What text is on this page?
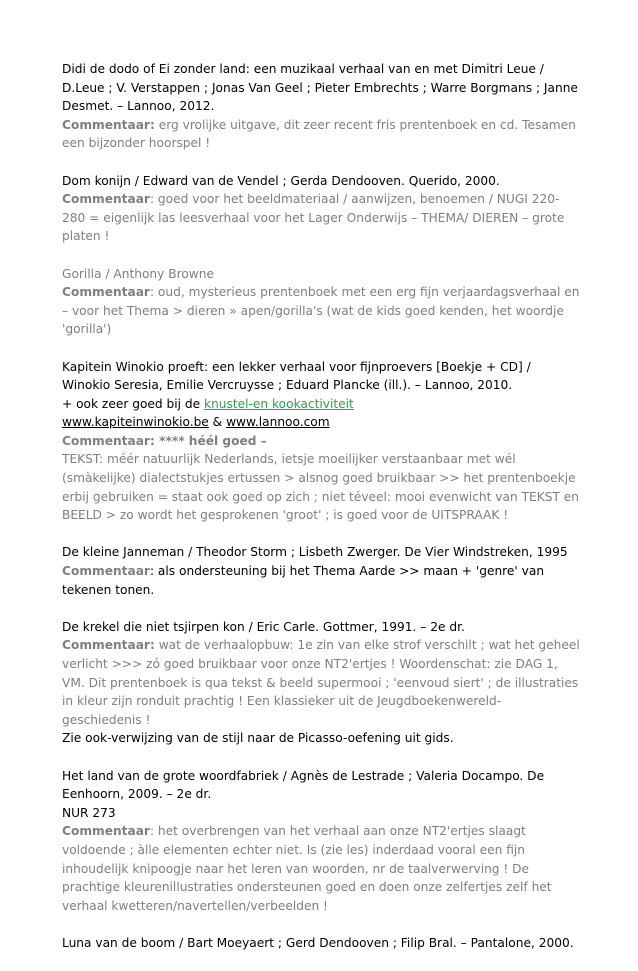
Didi de dodo of Ei zonder land: een muzikaal verhaal van en met Dimitri Leue / D.Leue ; V. Verstappen ; Jonas Van Geel ; Pieter Embrechts ; Warre Borgmans ; Janne Desmet. – Lannoo, 2012.

Commentaar: erg vrolijke uitgave, dit zeer recent fris prentenboek en cd. Tesamen een bijzonder hoorspel !

Dom konijn / Edward van de Vendel ; Gerda Dendooven. Querido, 2000.

Commentaar: goed voor het beeldmateriaal / aanwijzen, benoemen / NUGI 220-280 = eigenlijk las leesverhaal voor het Lager Onderwijs – THEMA/ DIEREN – grote platen !

Gorilla / Anthony Browne

Commentaar: oud, mysterieus prentenboek met een erg fijn verjaardagsverhaal en – voor het Thema > dieren » apen/gorilla's (wat de kids goed kenden, het woordje 'gorilla')

Kapitein Winokio proeft: een lekker verhaal voor fijnproevers [Boekje + CD] / Winokio Seresia, Emilie Vercruysse ; Eduard Plancke (ill.). – Lannoo, 2010.

+ ook zeer goed bij de knustel-en kookactiviteit

www.kapiteinwinokio.be & www.lannoo.com

Commentaar: **** héél goed –

TEKST: méér natuurlijk Nederlands, ietsje moeilijker verstaanbaar met wél (smàkelijke) dialectstukjes ertussen > alsnog goed bruikbaar >> het prentenboekje erbij gebruiken = staat ook goed op zich ; niet téveel: mooi evenwicht van TEKST en BEELD > zo wordt het gesprokenen 'groot' ; is goed voor de UITSPRAAK !

De kleine Janneman / Theodor Storm ; Lisbeth Zwerger. De Vier Windstreken, 1995

Commentaar: als ondersteuning bij het Thema Aarde >> maan + 'genre' van tekenen tonen.

De krekel die niet tsjirpen kon / Eric Carle. Gottmer, 1991. – 2e dr.

Commentaar: wat de verhaalopbuw: 1e zin van elke strof verschilt ; wat het geheel verlicht >>> zó goed bruikbaar voor onze NT2'ertjes ! Woordenschat: zie DAG 1, VM. Dit prentenboek is qua tekst & beeld supermooi ; 'eenvoud siert' ; de illustraties in kleur zijn ronduit prachtig ! Een klassieker uit de Jeugdboekenwereld-geschiedenis !

Zie ook-verwijzing van de stijl naar de Picasso-oefening uit gids.

Het land van de grote woordfabriek / Agnès de Lestrade ; Valeria Docampo. De Eenhoorn, 2009. – 2e dr.

NUR 273

Commentaar: het overbrengen van het verhaal aan onze NT2'ertjes slaagt voldoende ; àlle elementen echter niet. Is (zie les) inderdaad vooral een fijn inhoudelijk knipoogje naar het leren van woorden, nr de taalverwerving ! De prachtige kleurenillustraties ondersteunen goed en doen onze zelfertjes zelf het verhaal kwetteren/navertellen/verbeelden !

Luna van de boom / Bart Moeyaert ; Gerd Dendooven ; Filip Bral. – Pantalone, 2000.
